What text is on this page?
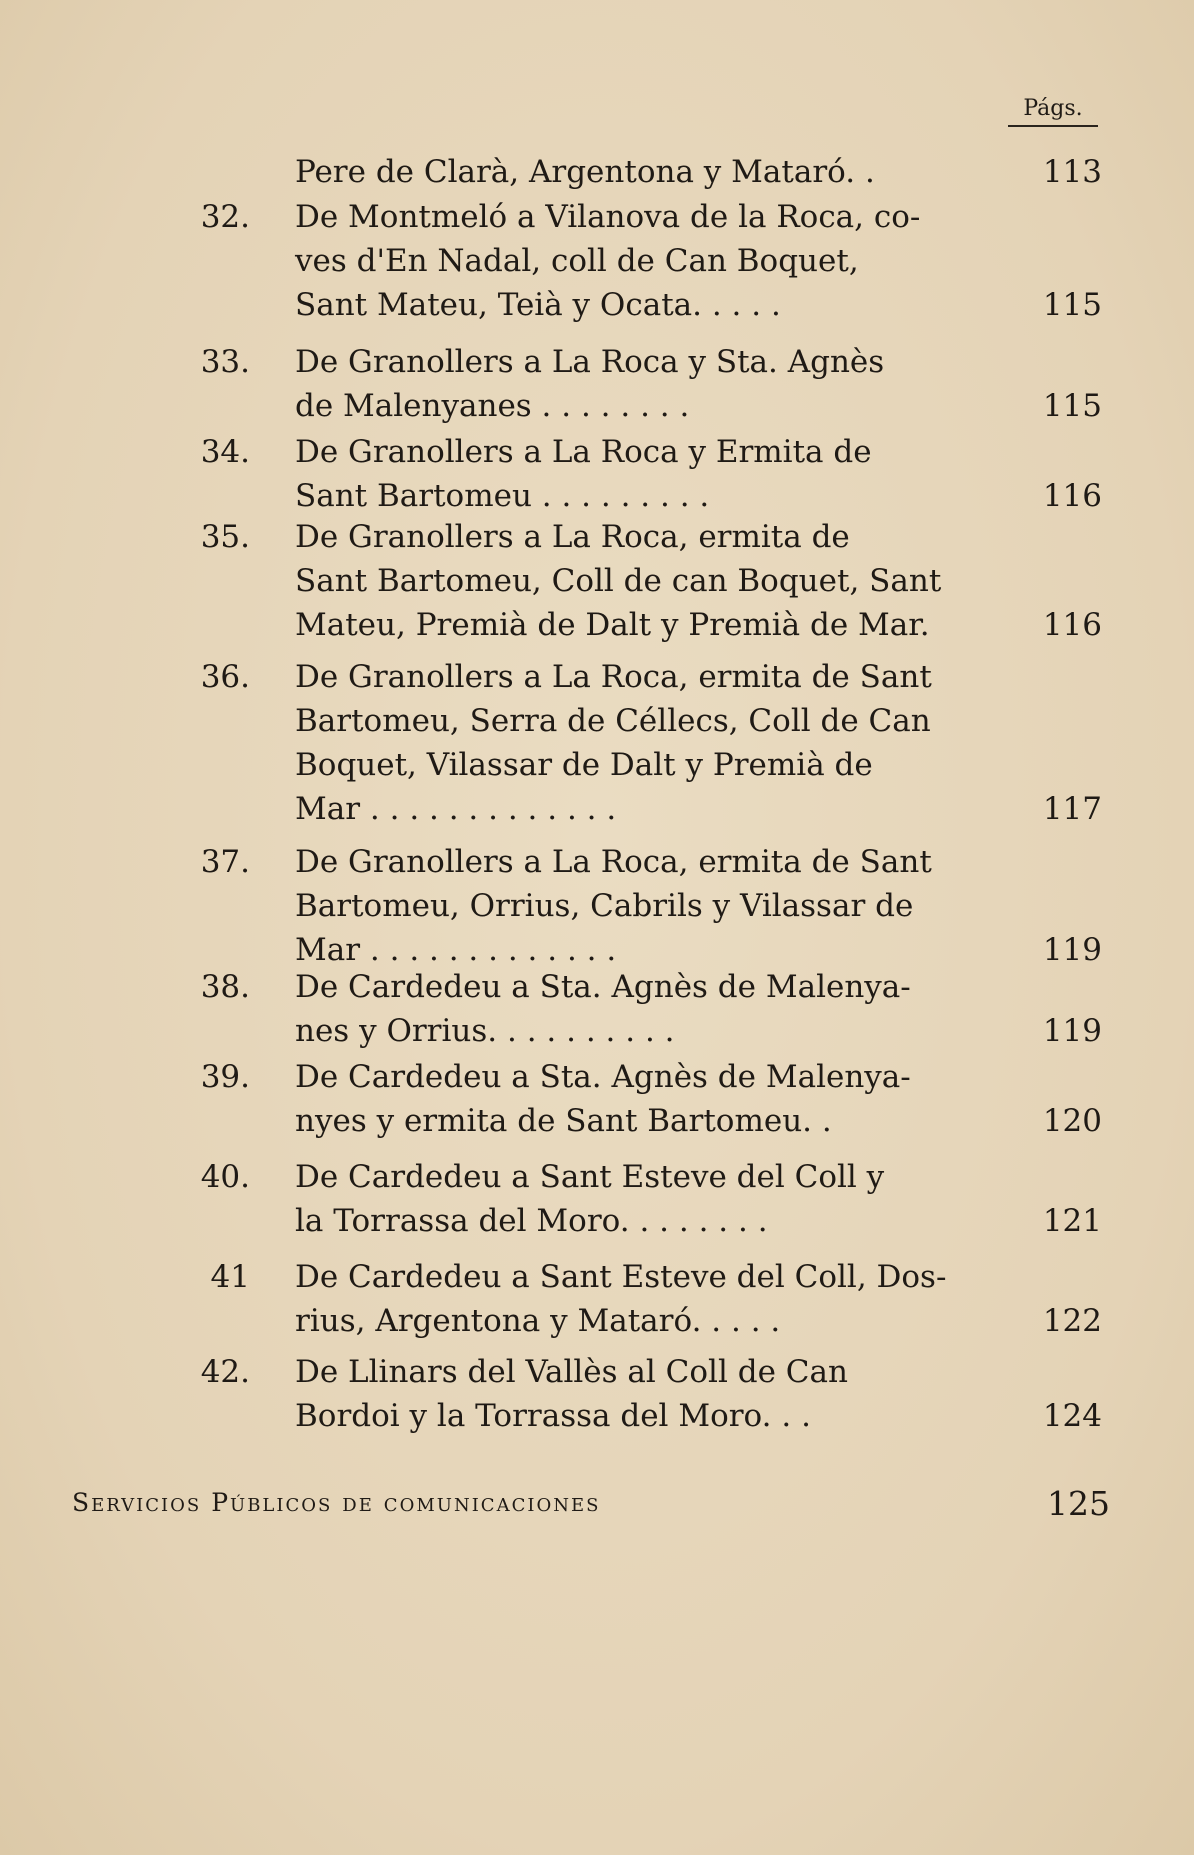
Págs.
Pere de Clarà, Argentona y Mataró. .	113
32. De Montmeló a Vilanova de la Roca, co-
ves d'En Nadal, coll de Can Boquet,
Sant Mateu, Teià y Ocata. . . . .	115
33. De Granollers a La Roca y Sta. Agnès
de Malenyanes . . . . . . . .	115
34. De Granollers a La Roca y Ermita de
Sant Bartomeu . . . . . . . . .	116
35. De Granollers a La Roca, ermita de
Sant Bartomeu, Coll de can Boquet, Sant
Mateu, Premià de Dalt y Premià de Mar.	116
36. De Granollers a La Roca, ermita de Sant
Bartomeu, Serra de Céllecs, Coll de Can
Boquet, Vilassar de Dalt y Premià de
Mar . . . . . . . . . . . . .	117
37. De Granollers a La Roca, ermita de Sant
Bartomeu, Orrius, Cabrils y Vilassar de
Mar . . . . . . . . . . . . .	119
38. De Cardedeu a Sta. Agnès de Malenya-
nes y Orrius. . . . . . . . . .	119
39. De Cardedeu a Sta. Agnès de Malenya-
nyes y ermita de Sant Bartomeu. .	120
40. De Cardedeu a Sant Esteve del Coll y
la Torrassa del Moro. . . . . . . .	121
41 De Cardedeu a Sant Esteve del Coll, Dos-
rius, Argentona y Mataró. . . . .	122
42. De Llinars del Vallès al Coll de Can
Bordoi y la Torrassa del Moro. . .	124
Servicios Públicos de comunicaciones	125
